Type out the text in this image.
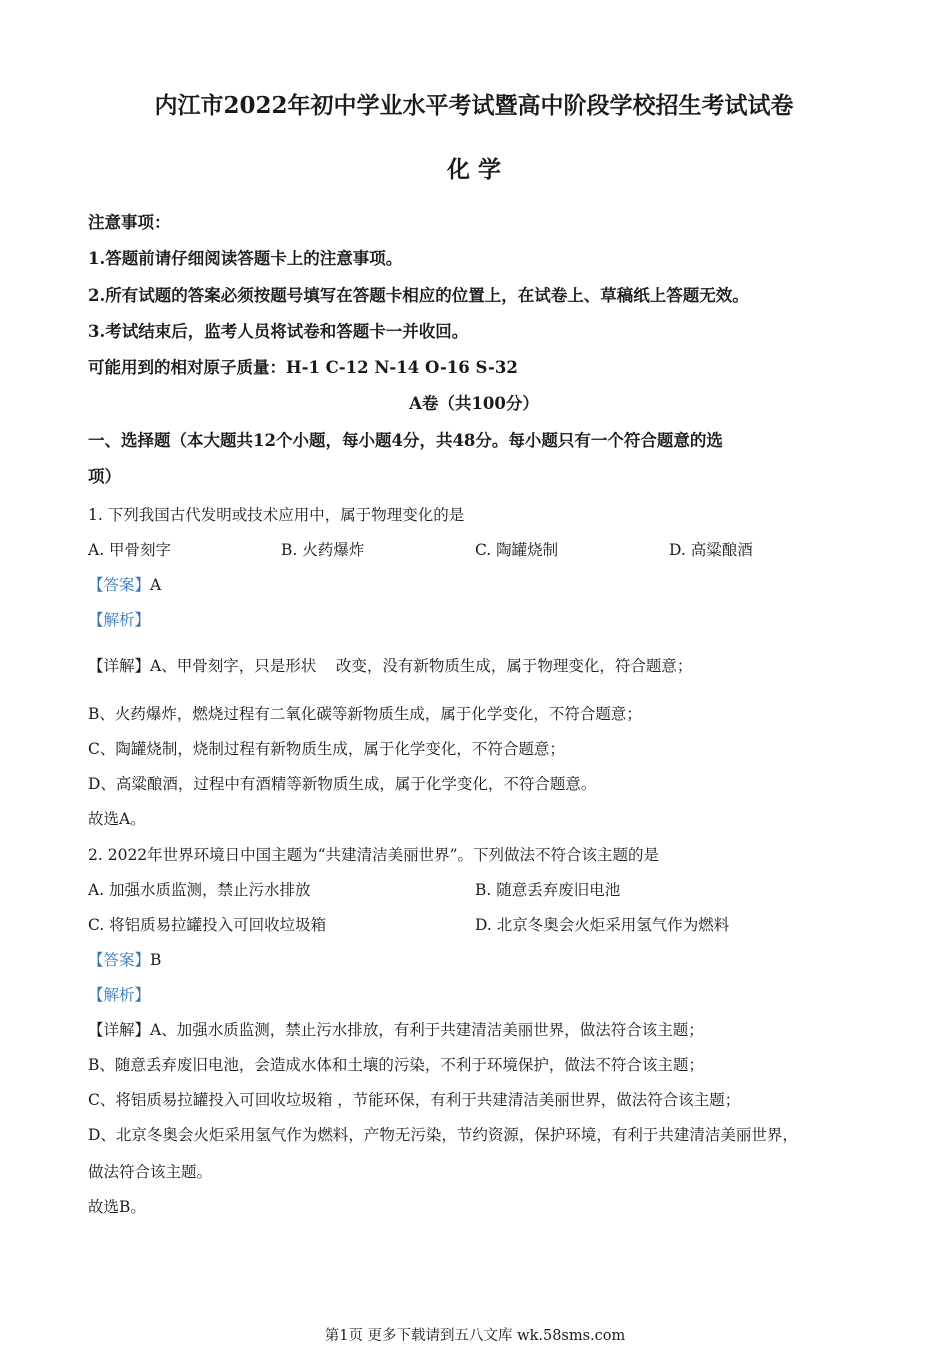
内江市2022年初中学业水平考试暨高中阶段学校招生考试试卷
化 学
注意事项：
1.答题前请仔细阅读答题卡上的注意事项。
2.所有试题的答案必须按题号填写在答题卡相应的位置上，在试卷上、草稿纸上答题无效。
3.考试结束后，监考人员将试卷和答题卡一并收回。
可能用到的相对原子质量：H-1 C-12 N-14 O-16 S-32
A卷（共100分）
一、选择题（本大题共12个小题，每小题4分，共48分。每小题只有一个符合题意的选
项）
1. 下列我国古代发明或技术应用中，属于物理变化的是
A. 甲骨刻字	B. 火药爆炸	C. 陶罐烧制	D. 高粱酿酒
【答案】A
【解析】
【详解】A、甲骨刻字，只是形状    改变，没有新物质生成，属于物理变化，符合题意；
B、火药爆炸，燃烧过程有二氧化碳等新物质生成，属于化学变化，不符合题意；
C、陶罐烧制，烧制过程有新物质生成，属于化学变化，不符合题意；
D、高粱酿酒，过程中有酒精等新物质生成，属于化学变化，不符合题意。
故选A。
2. 2022年世界环境日中国主题为“共建清洁美丽世界”。下列做法不符合该主题的是
A. 加强水质监测，禁止污水排放	B. 随意丢弃废旧电池
C. 将铝质易拉罐投入可回收垃圾箱	D. 北京冬奥会火炬采用氢气作为燃料
【答案】B
【解析】
【详解】A、加强水质监测，禁止污水排放，有利于共建清洁美丽世界，做法符合该主题；
B、随意丢弃废旧电池，会造成水体和土壤的污染，不利于环境保护，做法不符合该主题；
C、将铝质易拉罐投入可回收垃圾箱 ，节能环保，有利于共建清洁美丽世界，做法符合该主题；
D、北京冬奥会火炬采用氢气作为燃料，产物无污染，节约资源，保护环境，有利于共建清洁美丽世界，
做法符合该主题。
故选B。
第1页 更多下载请到五八文库 wk.58sms.com
